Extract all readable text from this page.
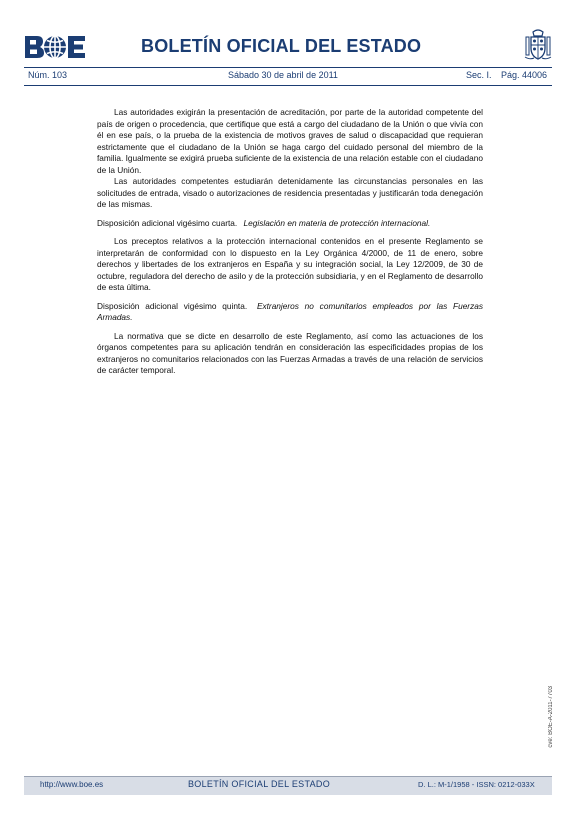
BOLETÍN OFICIAL DEL ESTADO
Núm. 103	Sábado 30 de abril de 2011	Sec. I. Pág. 44006

Las autoridades exigirán la presentación de acreditación, por parte de la autoridad competente del país de origen o procedencia, que certifique que está a cargo del ciudadano de la Unión o que vivía con él en ese país, o la prueba de la existencia de motivos graves de salud o discapacidad que requieran estrictamente que el ciudadano de la Unión se haga cargo del cuidado personal del miembro de la familia. Igualmente se exigirá prueba suficiente de la existencia de una relación estable con el ciudadano de la Unión.

Las autoridades competentes estudiarán detenidamente las circunstancias personales en las solicitudes de entrada, visado o autorizaciones de residencia presentadas y justificarán toda denegación de las mismas.

Disposición adicional vigésimo cuarta. Legislación en materia de protección internacional.

Los preceptos relativos a la protección internacional contenidos en el presente Reglamento se interpretarán de conformidad con lo dispuesto en la Ley Orgánica 4/2000, de 11 de enero, sobre derechos y libertades de los extranjeros en España y su integración social, la Ley 12/2009, de 30 de octubre, reguladora del derecho de asilo y de la protección subsidiaria, y en el Reglamento de desarrollo de esta última.

Disposición adicional vigésimo quinta. Extranjeros no comunitarios empleados por las Fuerzas Armadas.

La normativa que se dicte en desarrollo de este Reglamento, así como las actuaciones de los órganos competentes para su aplicación tendrán en consideración las especificidades propias de los extranjeros no comunitarios relacionados con las Fuerzas Armadas a través de una relación de servicios de carácter temporal.

cve: BOE-A-2011-7703
http://www.boe.es	BOLETÍN OFICIAL DEL ESTADO	D. L.: M-1/1958 - ISSN: 0212-033X
